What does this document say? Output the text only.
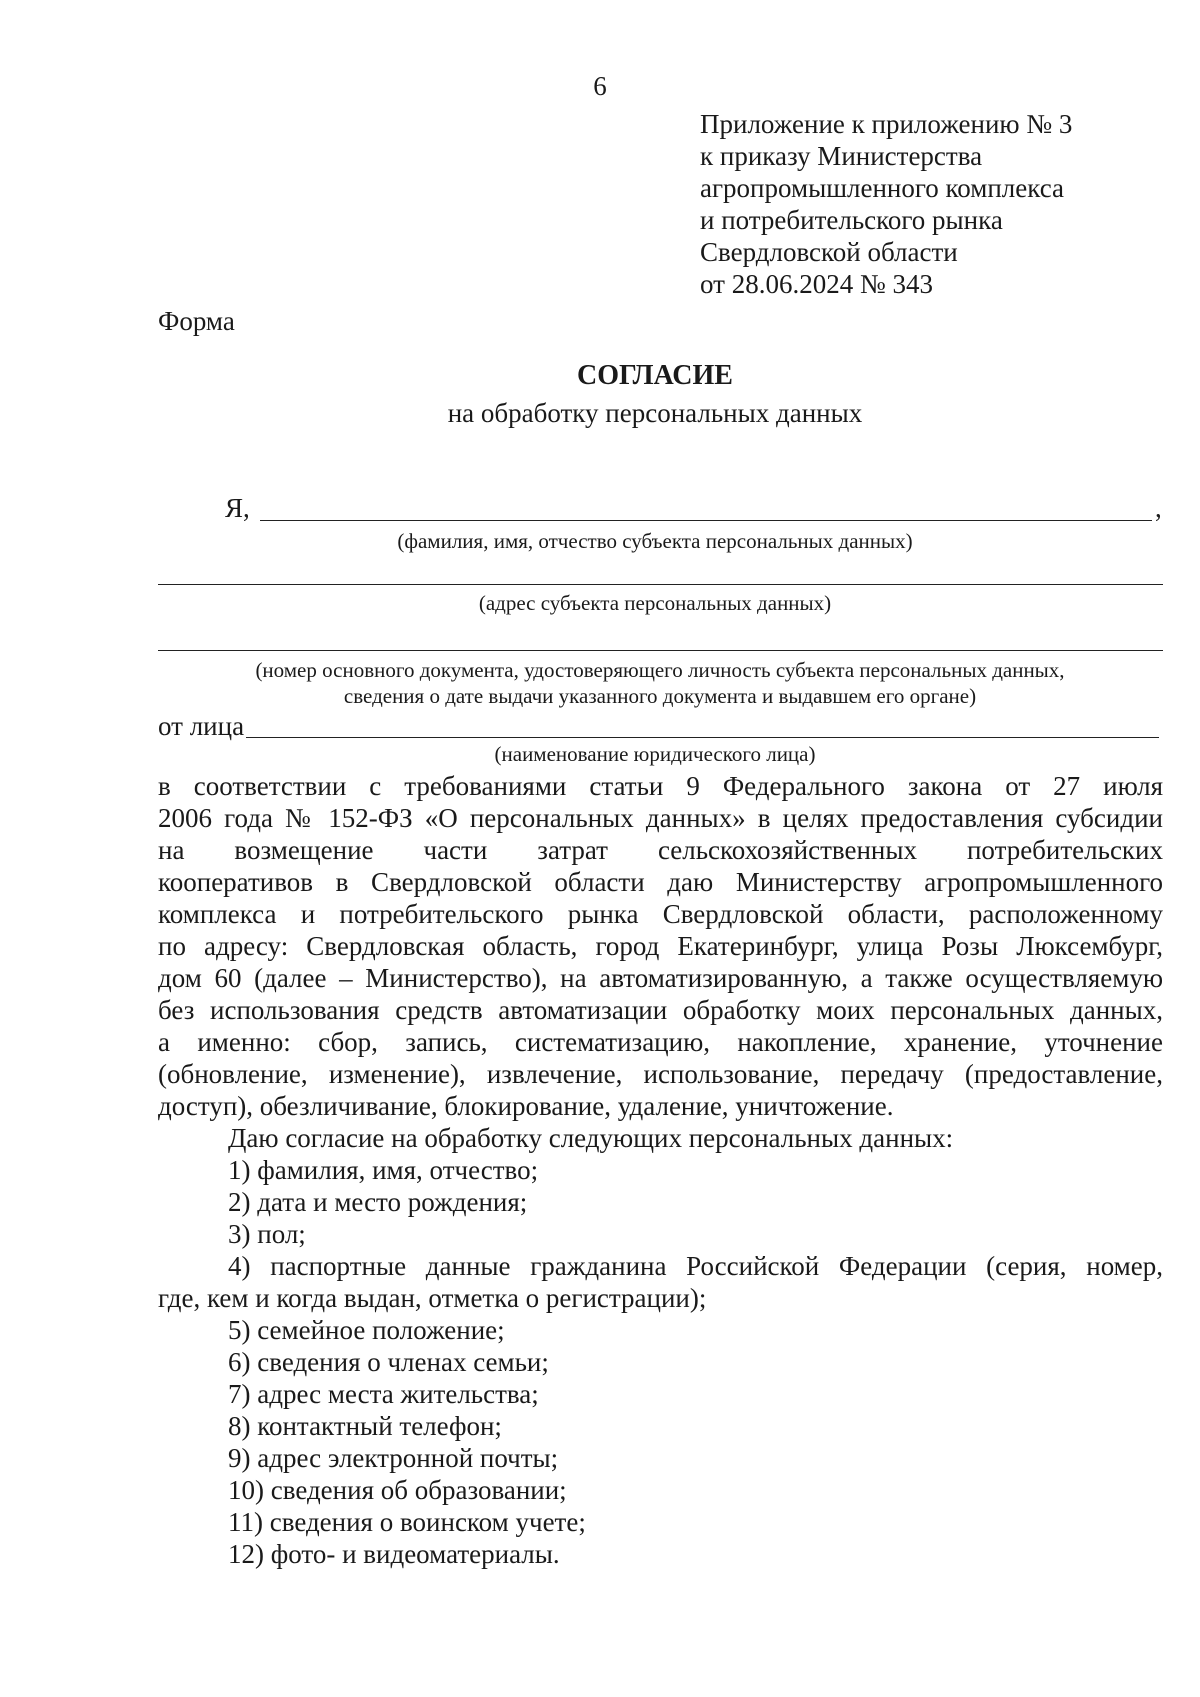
6
Приложение к приложению № 3
к приказу Министерства
агропромышленного комплекса
и потребительского рынка
Свердловской области
от 28.06.2024 № 343
Форма
СОГЛАСИЕ
на обработку персональных данных
Я,	,
(фамилия, имя, отчество субъекта персональных данных)
(адрес субъекта персональных данных)
(номер основного документа, удостоверяющего личность субъекта персональных данных,
сведения о дате выдачи указанного документа и выдавшем его органе)
от лица
(наименование юридического лица)
в соответствии с требованиями статьи 9 Федерального закона от 27 июля
2006 года № 152-ФЗ «О персональных данных» в целях предоставления субсидии
на возмещение части затрат сельскохозяйственных потребительских
кооперативов в Свердловской области даю Министерству агропромышленного
комплекса и потребительского рынка Свердловской области, расположенному
по адресу: Свердловская область, город Екатеринбург, улица Розы Люксембург,
дом 60 (далее – Министерство), на автоматизированную, а также осуществляемую
без использования средств автоматизации обработку моих персональных данных,
а именно: сбор, запись, систематизацию, накопление, хранение, уточнение
(обновление, изменение), извлечение, использование, передачу (предоставление,
доступ), обезличивание, блокирование, удаление, уничтожение.
Даю согласие на обработку следующих персональных данных:
1) фамилия, имя, отчество;
2) дата и место рождения;
3) пол;
4) паспортные данные гражданина Российской Федерации (серия, номер,
где, кем и когда выдан, отметка о регистрации);
5) семейное положение;
6) сведения о членах семьи;
7) адрес места жительства;
8) контактный телефон;
9) адрес электронной почты;
10) сведения об образовании;
11) сведения о воинском учете;
12) фото- и видеоматериалы.
